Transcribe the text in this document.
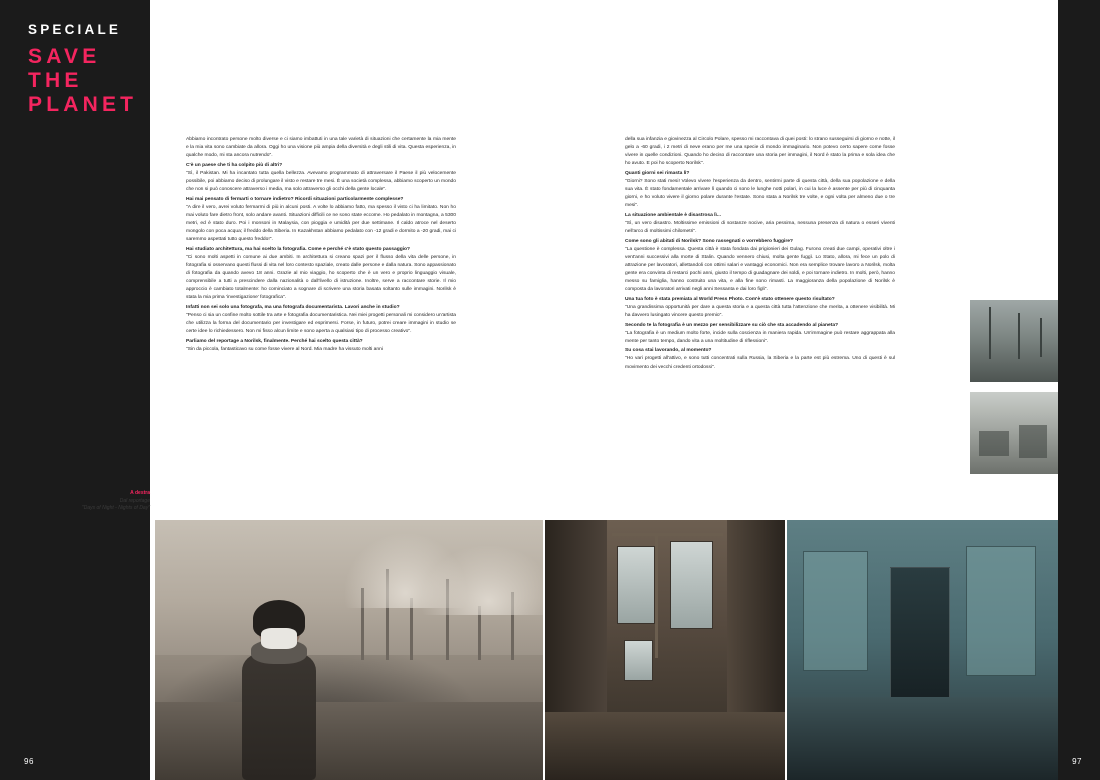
SPECIALE
SAVE
THE
PLANET
96	97
A destra
Dal reportage
"Days of Night - Nights of Day"

Abbiamo incontrato persone molto diverse e ci siamo imbattuti in una tale varietà di situazioni che certamente la mia mente e la mia vita sono cambiate da allora. Oggi ho una visione più ampia della diversità e degli stili di vita. Questa esperienza, in qualche modo, mi sta ancora nutrendo".

C'è un paese che ti ha colpito più di altri?

"Sì, il Pakistan. Mi ha incantato tutta quella bellezza. Avevamo programmato di attraversare il Paese il più velocemente possibile, poi abbiamo deciso di prolungare il visto e restare tre mesi. È una società complessa, abbiamo scoperto un mondo che non si può conoscere attraverso i media, ma solo attraverso gli occhi della gente locale".

Hai mai pensato di fermarti o tornare indietro? Ricordi situazioni particolarmente complesse?

"A dire il vero, avrei voluto fermarmi di più in alcuni posti. A volte lo abbiamo fatto, ma spesso il visto ci ha limitato. Non ho mai voluto fare dietro front, solo andare avanti. Situazioni difficili ce ne sono state eccome. Ho pedalato in montagna, a 5300 metri, ed è stato duro. Poi i monsoni in Malaysia, con pioggia e umidità per due settimane. Il caldo atroce nel deserto mongolo con poca acqua; il freddo della Siberia. In Kazakhstan abbiamo pedalato con -12 gradi e dormito a -20 gradi, mai ci saremmo aspettati tutto questo freddo!".

Hai studiato architettura, ma hai scelto la fotografia. Come e perché c'è stato questo passaggio?

"Ci sono molti aspetti in comune ai due ambiti. In architettura si creano spazi per il flusso della vita delle persone, in fotografia si osservano questi flussi di vita nel loro contesto spaziale, creato dalle persone e dalla natura. Sono appassionato di fotografia da quando avevo 18 anni. Grazie al mio viaggio, ho scoperto che è un vero e proprio linguaggio visuale, comprensibile a tutti a prescindere dalla nazionalità o dall'livello di istruzione. Inoltre, serve a raccontare storie. Il mio approccio è cambiato totalmente: ho cominciato a sognare di scrivere una storia basata soltanto sulle immagini. Norilsk è stata la mia prima 'investigazione' fotografica".

Infatti non sei solo una fotografa, ma una fotografa documentarista. Lavori anche in studio?

"Penso ci sia un confine molto sottile tra arte e fotografia documentaristica. Nei miei progetti personali mi considero un'artista che utilizza la forma del documentario per investigare ed esprimersi. Forse, in futuro, potrei creare immagini in studio se certe idee lo richiedessero. Non mi fisso alcun limite e sono aperta a qualsiasi tipo di processo creativo".

Parliamo del reportage a Norilsk, finalmente. Perché hai scelto questa città?

"Sin da piccola, fantasticavo su come fosse vivere al Nord. Mia madre ha vissuto molti anni

della sua infanzia e giovinezza al Circolo Polare, spesso mi raccontava di quei posti: lo strano susseguirsi di giorno e notte, il gelo a -60 gradi, i 2 metri di neve erano per me una specie di mondo immaginario. Non potevo certo sapere come fosse vivere in quelle condizioni. Quando ho deciso di raccontare una storia per immagini, il Nord è stato la prima e sola idea che ho avuto. E poi ho scoperto Norilsk".

Quanti giorni sei rimasta lì?

"Giorni? Sono stati mesi! Volevo vivere l'esperienza da dentro, sentirmi parte di questa città, della sua popolazione e della sua vita. È stato fondamentale arrivare lì quando ci sono le lunghe notti polari, in cui la luce è assente per più di cinquanta giorni, e ho voluto vivere il giorno polare durante l'estate. Sono stata a Norilsk tre volte, e ogni volta per almeno due o tre mesi".

La situazione ambientale è disastrosa lì...

"Sì, un vero disastro. Moltissime emissioni di sostanze nocive, aria pessima, nessuna presenza di natura o esseri viventi nell'arco di moltissimi chilometri".

Come sono gli abitati di Norilsk? Sono rassegnati o vorrebbero fuggire?

"La questione è complessa. Questa città è stata fondata dai prigionieri dei Gulag. Furono creati due campi, operativi oltre i vent'anni successivi alla morte di Stalin. Quando vennero chiusi, molta gente fuggì. Lo Stato, allora, mi fece un polo di attrazione per lavoratori, allettandoli con ottimi salari e vantaggi economici. Non era semplice trovare lavoro a Norilsk, molta gente era convinta di restarci pochi anni, giusto il tempo di guadagnare dei soldi, e poi tornare indietro. In molti, però, hanno messo su famiglia, hanno costruito una vita, e alla fine sono rimasti. La maggioranza della popolazione di Norilsk è composta da lavoratori arrivati negli anni Sessanta e dai loro figli".

Una tua foto è stata premiata al World Press Photo. Com'è stato ottenere questo risultato?

"Una grandissima opportunità per dare a questa storia e a questa città tutta l'attenzione che merita, a ottenere visibilità. Mi ha davvero lusingato vincere questo premio".

Secondo te la fotografia è un mezzo per sensibilizzare su ciò che sta accadendo al pianeta?

"La fotografia è un medium molto forte, incide sulla coscienza in maniera rapida. Un'immagine può restare aggrappata alla mente per tanto tempo, dando vita a una moltitudine di riflessioni".

Su cosa stai lavorando, al momento?

"Ho vari progetti all'attivo, e sono tutti concentrati sulla Russia, la Siberia e la parte est più estrema. Uno di questi è sul movimento dei vecchi credenti ortodossi".
